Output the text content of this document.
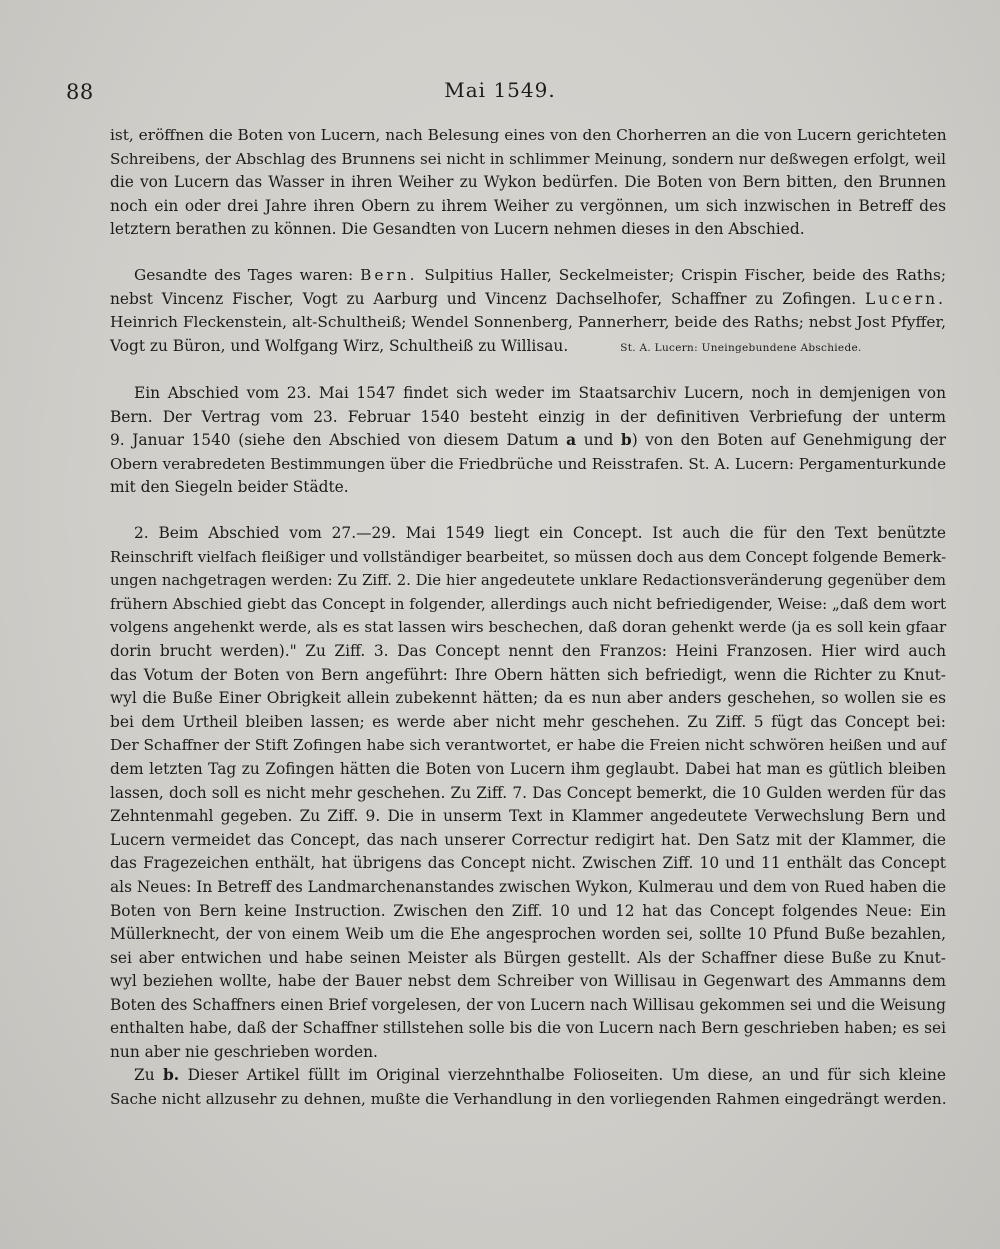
88	Mai 1549.
ist, eröffnen die Boten von Lucern, nach Belesung eines von den Chorherren an die von Lucern gerichteten
Schreibens, der Abschlag des Brunnens sei nicht in schlimmer Meinung, sondern nur deßwegen erfolgt, weil
die von Lucern das Wasser in ihren Weiher zu Wykon bedürfen. Die Boten von Bern bitten, den Brunnen
noch ein oder drei Jahre ihren Obern zu ihrem Weiher zu vergönnen, um sich inzwischen in Betreff des
letztern berathen zu können. Die Gesandten von Lucern nehmen dieses in den Abschied.
Gesandte des Tages waren: Bern. Sulpitius Haller, Seckelmeister; Crispin Fischer, beide des Raths;
nebst Vincenz Fischer, Vogt zu Aarburg und Vincenz Dachselhofer, Schaffner zu Zofingen. Lucern.
Heinrich Fleckenstein, alt-Schultheiß; Wendel Sonnenberg, Pannerherr, beide des Raths; nebst Jost Pfyffer,
Vogt zu Büron, und Wolfgang Wirz, Schultheiß zu Willisau.	St. A. Lucern: Uneingebundene Abschiede.
Ein Abschied vom 23. Mai 1547 findet sich weder im Staatsarchiv Lucern, noch in demjenigen von
Bern. Der Vertrag vom 23. Februar 1540 besteht einzig in der definitiven Verbriefung der unterm
9. Januar 1540 (siehe den Abschied von diesem Datum a und b) von den Boten auf Genehmigung der
Obern verabredeten Bestimmungen über die Friedbrüche und Reisstrafen. St. A. Lucern: Pergamenturkunde
mit den Siegeln beider Städte.
2. Beim Abschied vom 27.—29. Mai 1549 liegt ein Concept. Ist auch die für den Text benützte
Reinschrift vielfach fleißiger und vollständiger bearbeitet, so müssen doch aus dem Concept folgende Bemerk-
ungen nachgetragen werden: Zu Ziff. 2. Die hier angedeutete unklare Redactionsveränderung gegenüber dem
frühern Abschied giebt das Concept in folgender, allerdings auch nicht befriedigender, Weise: „daß dem wort
volgens angehenkt werde, als es stat lassen wirs beschechen, daß doran gehenkt werde (ja es soll kein gfaar
dorin brucht werden)." Zu Ziff. 3. Das Concept nennt den Franzos: Heini Franzosen. Hier wird auch
das Votum der Boten von Bern angeführt: Ihre Obern hätten sich befriedigt, wenn die Richter zu Knut-
wyl die Buße Einer Obrigkeit allein zubekennt hätten; da es nun aber anders geschehen, so wollen sie es
bei dem Urtheil bleiben lassen; es werde aber nicht mehr geschehen. Zu Ziff. 5 fügt das Concept bei:
Der Schaffner der Stift Zofingen habe sich verantwortet, er habe die Freien nicht schwören heißen und auf
dem letzten Tag zu Zofingen hätten die Boten von Lucern ihm geglaubt. Dabei hat man es gütlich bleiben
lassen, doch soll es nicht mehr geschehen. Zu Ziff. 7. Das Concept bemerkt, die 10 Gulden werden für das
Zehntenmahl gegeben. Zu Ziff. 9. Die in unserm Text in Klammer angedeutete Verwechslung Bern und
Lucern vermeidet das Concept, das nach unserer Correctur redigirt hat. Den Satz mit der Klammer, die
das Fragezeichen enthält, hat übrigens das Concept nicht. Zwischen Ziff. 10 und 11 enthält das Concept
als Neues: In Betreff des Landmarchenanstandes zwischen Wykon, Kulmerau und dem von Rued haben die
Boten von Bern keine Instruction. Zwischen den Ziff. 10 und 12 hat das Concept folgendes Neue: Ein
Müllerknecht, der von einem Weib um die Ehe angesprochen worden sei, sollte 10 Pfund Buße bezahlen,
sei aber entwichen und habe seinen Meister als Bürgen gestellt. Als der Schaffner diese Buße zu Knut-
wyl beziehen wollte, habe der Bauer nebst dem Schreiber von Willisau in Gegenwart des Ammanns dem
Boten des Schaffners einen Brief vorgelesen, der von Lucern nach Willisau gekommen sei und die Weisung
enthalten habe, daß der Schaffner stillstehen solle bis die von Lucern nach Bern geschrieben haben; es sei
nun aber nie geschrieben worden.
Zu b. Dieser Artikel füllt im Original vierzehnthalbe Folioseiten. Um diese, an und für sich kleine
Sache nicht allzusehr zu dehnen, mußte die Verhandlung in den vorliegenden Rahmen eingedrängt werden.
